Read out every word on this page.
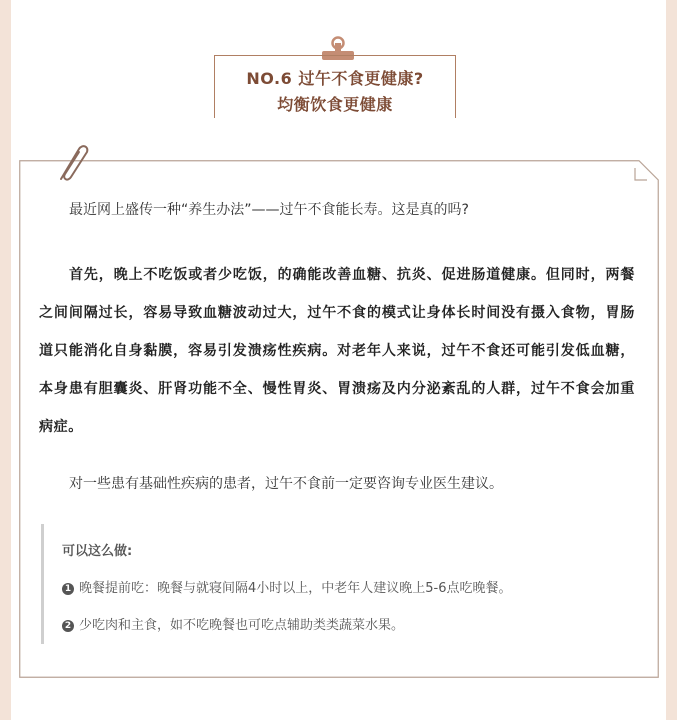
NO.6 过午不食更健康?
均衡饮食更健康
最近网上盛传一种“养生办法”——过午不食能长寿。这是真的吗?
首先，晚上不吃饭或者少吃饭，的确能改善血糖、抗炎、促进肠道健康。但同时，两餐之间间隔过长，容易导致血糖波动过大，过午不食的模式让身体长时间没有摄入食物，胃肠道只能消化自身黏膜，容易引发溃疡性疾病。对老年人来说，过午不食还可能引发低血糖，本身患有胆囊炎、肝肾功能不全、慢性胃炎、胃溃疡及内分泌紊乱的人群，过午不食会加重病症。
对一些患有基础性疾病的患者，过午不食前一定要咨询专业医生建议。
可以这么做:
1 晚餐提前吃：晚餐与就寝间隔4小时以上，中老年人建议晚上5-6点吃晚餐。
2 少吃肉和主食，如不吃晚餐也可吃点辅助类类蔬菜水果。
